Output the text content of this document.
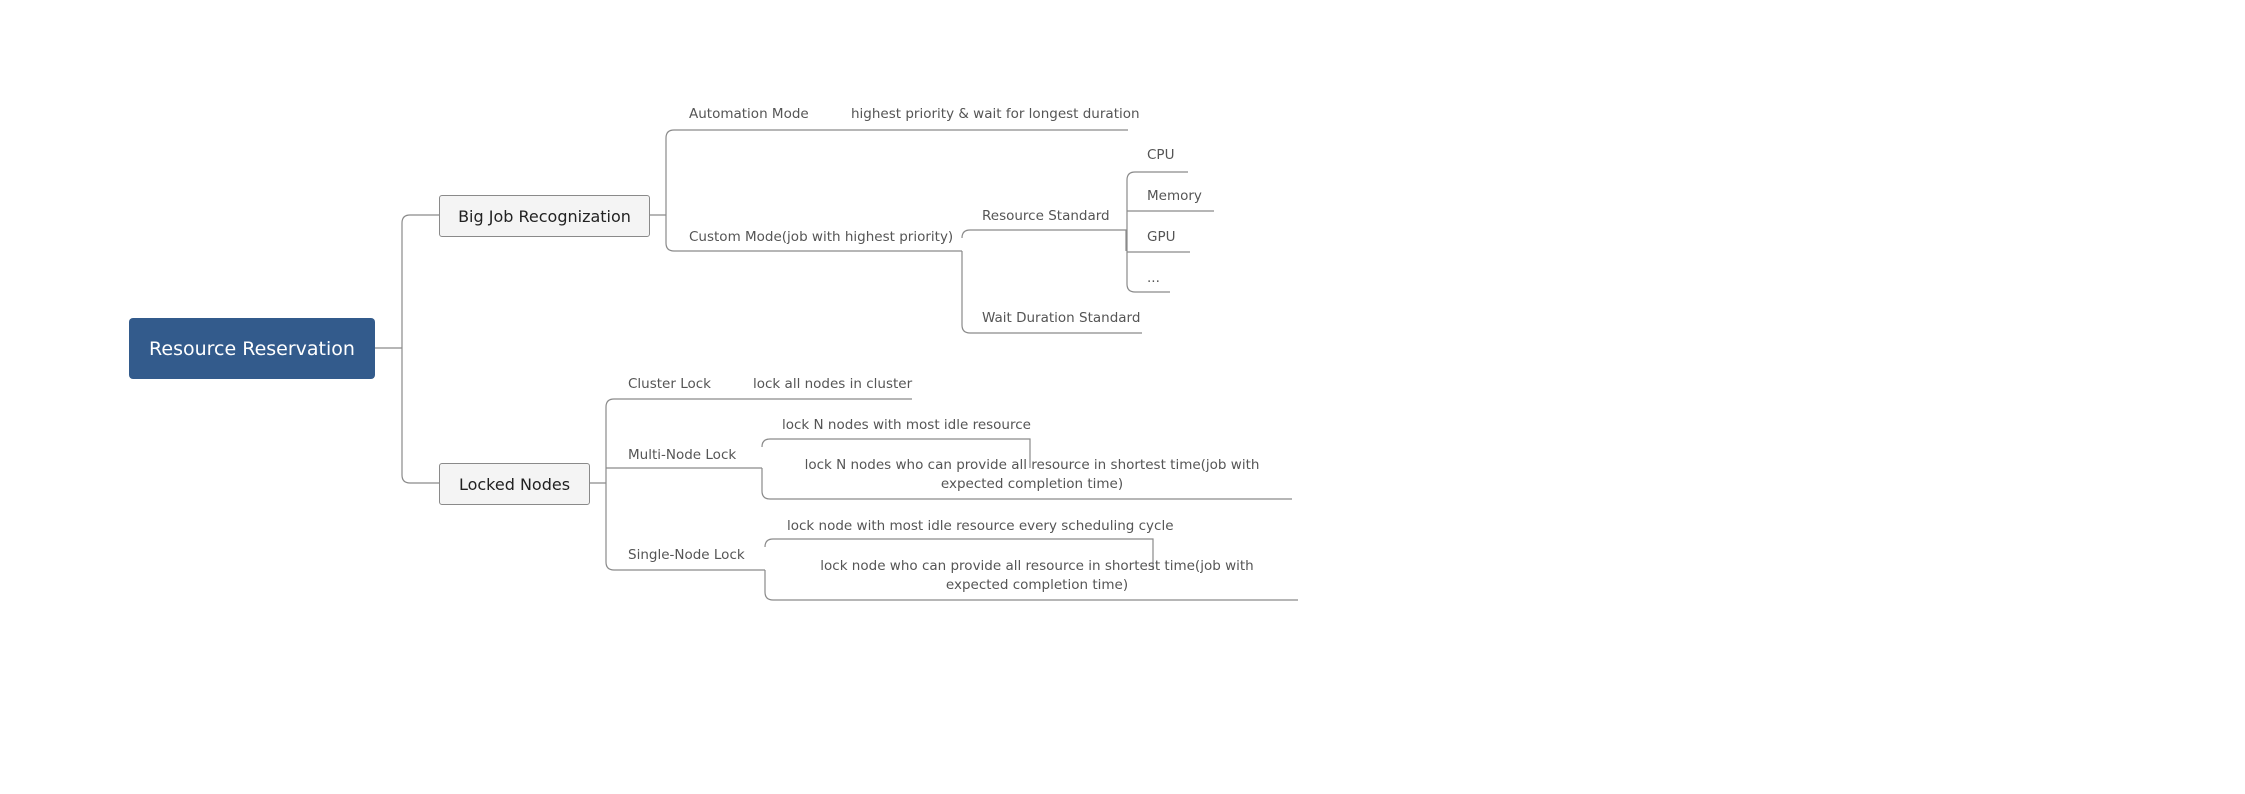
Resource Reservation
Big Job Recognization
Locked Nodes
Automation Mode	highest priority & wait for longest duration
Custom Mode(job with highest priority)
Resource Standard
Wait Duration Standard
CPU
Memory
GPU
...
Cluster Lock	lock all nodes in cluster
Multi-Node Lock
lock N nodes with most idle resource
lock N nodes who can provide all resource in shortest time(job with expected completion time)
Single-Node Lock
lock node with most idle resource every scheduling cycle
lock node who can provide all resource in shortest time(job with expected completion time)
